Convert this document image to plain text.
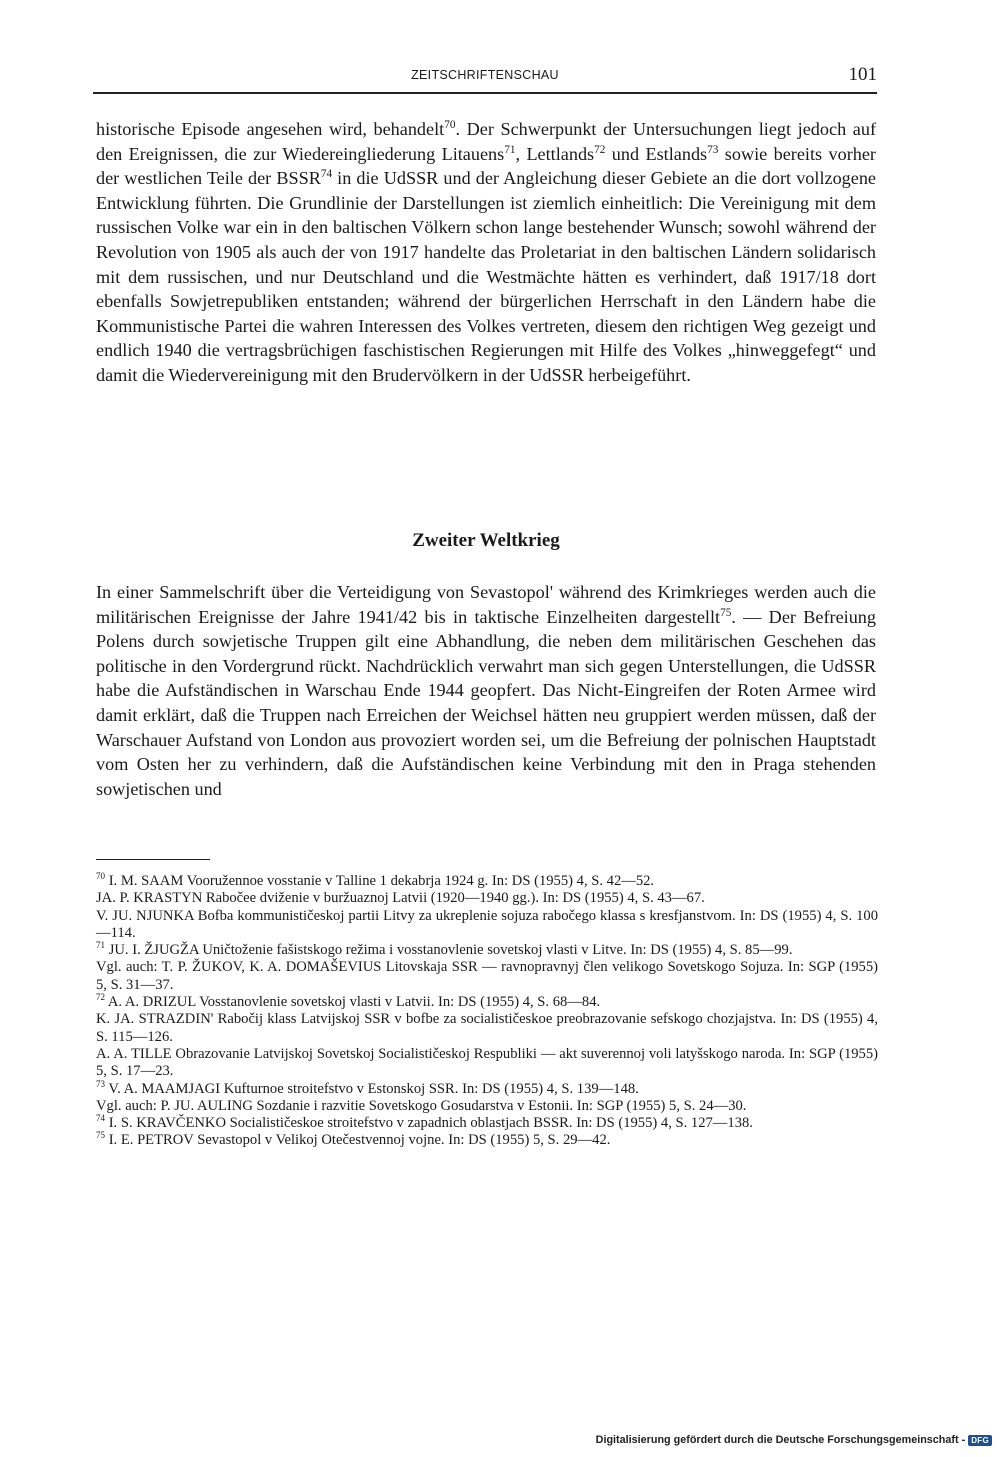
ZEITSCHRIFTENSCHAU	101

historische Episode angesehen wird, behandelt$^{70}$. Der Schwerpunkt der Untersuchungen liegt jedoch auf den Ereignissen, die zur Wiedereingliederung Litauens$^{71}$, Lettlands$^{72}$ und Estlands$^{73}$ sowie bereits vorher der westlichen Teile der BSSR$^{74}$ in die UdSSR und der Angleichung dieser Gebiete an die dort vollzogene Entwicklung führten. Die Grundlinie der Darstellungen ist ziemlich einheitlich: Die Vereinigung mit dem russischen Volke war ein in den baltischen Völkern schon lange bestehender Wunsch; sowohl während der Revolution von 1905 als auch der von 1917 handelte das Proletariat in den baltischen Ländern solidarisch mit dem russischen, und nur Deutschland und die Westmächte hätten es verhindert, daß 1917/18 dort ebenfalls Sowjetrepubliken entstanden; während der bürgerlichen Herrschaft in den Ländern habe die Kommunistische Partei die wahren Interessen des Volkes vertreten, diesem den richtigen Weg gezeigt und endlich 1940 die vertragsbrüchigen faschistischen Regierungen mit Hilfe des Volkes „hinweggefegt“ und damit die Wiedervereinigung mit den Brudervölkern in der UdSSR herbeigeführt.

Zweiter Weltkrieg

In einer Sammelschrift über die Verteidigung von Sevastopol' während des Krimkrieges werden auch die militärischen Ereignisse der Jahre 1941/42 bis in taktische Einzelheiten dargestellt$^{75}$. — Der Befreiung Polens durch sowjetische Truppen gilt eine Abhandlung, die neben dem militärischen Geschehen das politische in den Vordergrund rückt. Nachdrücklich verwahrt man sich gegen Unterstellungen, die UdSSR habe die Aufständischen in Warschau Ende 1944 geopfert. Das Nicht-Eingreifen der Roten Armee wird damit erklärt, daß die Truppen nach Erreichen der Weichsel hätten neu gruppiert werden müssen, daß der Warschauer Aufstand von London aus provoziert worden sei, um die Befreiung der polnischen Hauptstadt vom Osten her zu verhindern, daß die Aufständischen keine Verbindung mit den in Praga stehenden sowjetischen und

$^{70}$ I. M. SAAM Vooružennoe vosstanie v Talline 1 dekabrja 1924 g. In: DS (1955) 4, S. 42—52.

JA. P. KRASTYN Rabočee dviženie v buržuaznoj Latvii (1920—1940 gg.). In: DS (1955) 4, S. 43—67.

V. JU. NJUNKA Bofba kommunističeskoj partii Litvy za ukreplenie sojuza rabočego klassa s kresfjanstvom. In: DS (1955) 4, S. 100—114.

$^{71}$ JU. I. ŽJUGŽA Uničtoženie fašistskogo režima i vosstanovlenie sovetskoj vlasti v Litve. In: DS (1955) 4, S. 85—99.

Vgl. auch: T. P. ŽUKOV, K. A. DOMAŠEVIUS Litovskaja SSR — ravnopravnyj člen velikogo Sovetskogo Sojuza. In: SGP (1955) 5, S. 31—37.

$^{72}$ A. A. DRIZUL Vosstanovlenie sovetskoj vlasti v Latvii. In: DS (1955) 4, S. 68—84.

K. JA. STRAZDIN' Rabočij klass Latvijskoj SSR v bofbe za socialističeskoe preobrazovanie sefskogo chozjajstva. In: DS (1955) 4, S. 115—126.

A. A. TILLE Obrazovanie Latvijskoj Sovetskoj Socialističeskoj Respubliki — akt suverennoj voli latyšskogo naroda. In: SGP (1955) 5, S. 17—23.

$^{73}$ V. A. MAAMJAGI Kufturnoe stroitefstvo v Estonskoj SSR. In: DS (1955) 4, S. 139—148.

Vgl. auch: P. JU. AULING Sozdanie i razvitie Sovetskogo Gosudarstva v Estonii. In: SGP (1955) 5, S. 24—30.

$^{74}$ I. S. KRAVČENKO Socialističeskoe stroitefstvo v zapadnich oblastjach BSSR. In: DS (1955) 4, S. 127—138.

$^{75}$ I. E. PETROV Sevastopol v Velikoj Otečestvennoj vojne. In: DS (1955) 5, S. 29—42.

Digitalisierung gefördert durch die Deutsche Forschungsgemeinschaft - DFG
